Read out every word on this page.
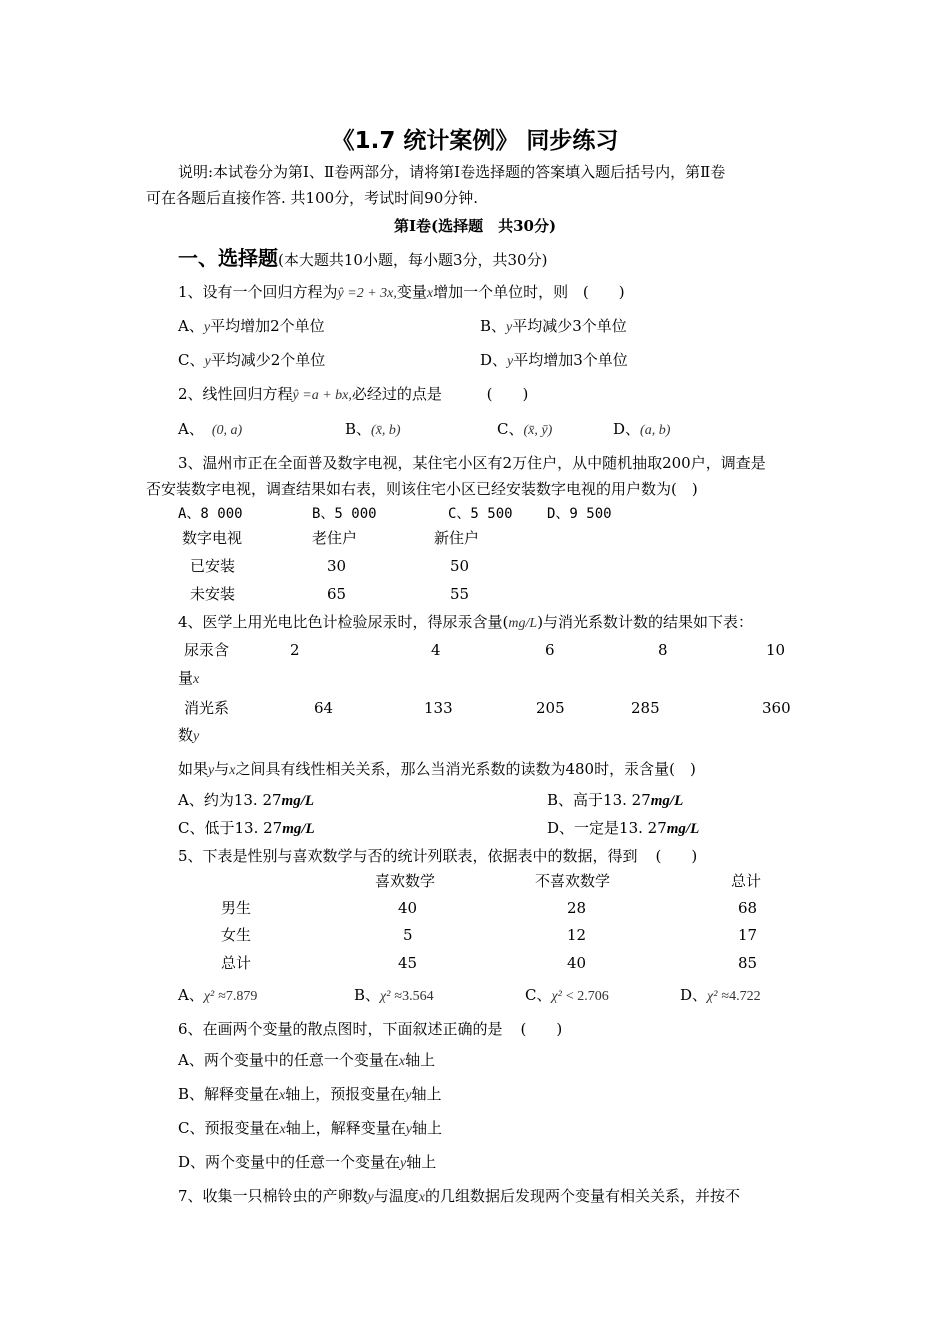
《1.7 统计案例》 同步练习
说明:本试卷分为第Ⅰ、Ⅱ卷两部分，请将第Ⅰ卷选择题的答案填入题后括号内，第Ⅱ卷
可在各题后直接作答. 共100分，考试时间90分钟.
第Ⅰ卷(选择题　共30分)
一、选择题(本大题共10小题，每小题3分，共30分)
1、设有一个回归方程为ŷ =2 + 3x,变量x增加一个单位时，则 (　　)
A、y平均增加2个单位	B、y平均减少3个单位
C、y平均减少2个单位	D、y平均增加3个单位
2、线性回归方程ŷ =a + bx,必经过的点是	(　　)
A、 (0, a)	B、(x̄, b)	C、(x̄, ȳ)	D、(a, b)
3、温州市正在全面普及数字电视，某住宅小区有2万住户，从中随机抽取200户，调查是
否安装数字电视，调查结果如右表，则该住宅小区已经安装数字电视的用户数为(　)
A、8 000	B、5 000	C、5 500 D、9 500
数字电视	老住户	新住户
已安装	30	50
未安装	65	55
4、医学上用光电比色计检验尿汞时，得尿汞含量(mg/L)与消光系数计数的结果如下表：
尿汞含
量x
2	4	6	8	10
消光系
数y
64	133	205	285	360
如果y与x之间具有线性相关关系，那么当消光系数的读数为480时，汞含量(　)
A、约为13. 27mg/L	B、高于13. 27mg/L
C、低于13. 27mg/L	D、一定是13. 27mg/L
5、下表是性别与喜欢数学与否的统计列联表，依据表中的数据，得到 (　　)
喜欢数学	不喜欢数学	总计
男生	40	28	68
女生	5	12	17
总计	45	40	85
A、χ² ≈7.879	B、χ² ≈3.564	C、χ² < 2.706	D、χ² ≈4.722
6、在画两个变量的散点图时，下面叙述正确的是 (　　)
A、两个变量中的任意一个变量在x轴上
B、解释变量在x轴上，预报变量在y轴上
C、预报变量在x轴上，解释变量在y轴上
D、两个变量中的任意一个变量在y轴上
7、收集一只棉铃虫的产卵数y与温度x的几组数据后发现两个变量有相关关系，并按不
